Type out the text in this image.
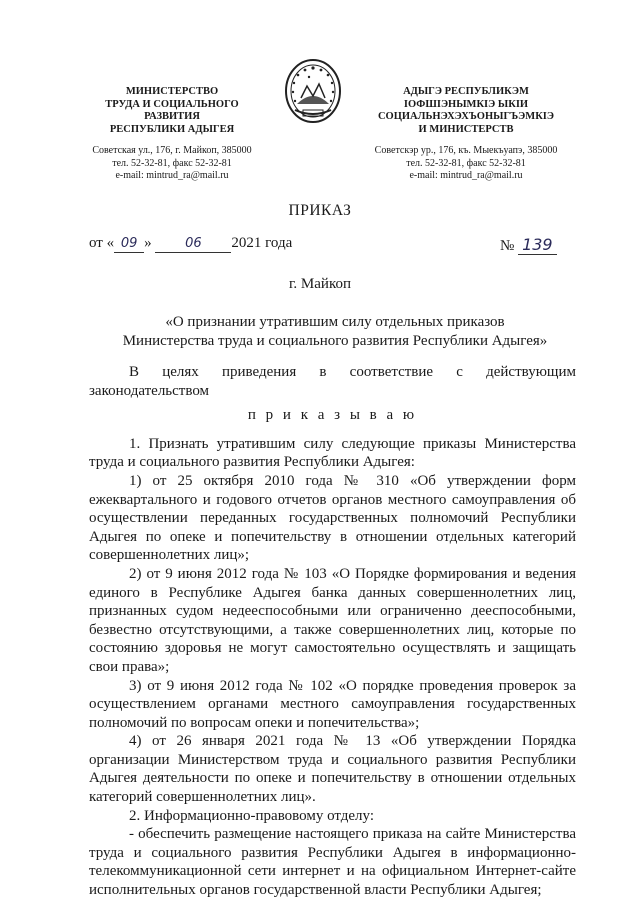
МИНИСТЕРСТВО
ТРУДА И СОЦИАЛЬНОГО
РАЗВИТИЯ
РЕСПУБЛИКИ АДЫГЕЯ
Советская ул., 176, г. Майкоп, 385000
тел. 52-32-81, факс 52-32-81
e-mail: mintrud_ra@mail.ru
АДЫГЭ РЕСПУБЛИКЭМ
IОФШIЭНЫМКIЭ ЫКIИ
СОЦИАЛЬНЭХЭХЪОНЫГЪЭМКIЭ
И МИНИСТЕРСТВ
Советскэр ур., 176, къ. Мыекъуапэ, 385000
тел. 52-32-81, факс 52-32-81
e-mail: mintrud_ra@mail.ru
ПРИКАЗ
от « 09 »	06 2021 года	№ 139
г. Майкоп
«О признании утратившим силу отдельных приказов
Министерства труда и социального развития Республики Адыгея»

В целях приведения в соответствие с действующим законодательством

п р и к а з ы в а ю

1. Признать утратившим силу следующие приказы Министерства труда и социального развития Республики Адыгея:

1) от 25 октября 2010 года № 310 «Об утверждении форм ежеквартального и годового отчетов органов местного самоуправления об осуществлении переданных государственных полномочий Республики Адыгея по опеке и попечительству в отношении отдельных категорий совершеннолетних лиц»;

2) от 9 июня 2012 года № 103 «О Порядке формирования и ведения единого в Республике Адыгея банка данных совершеннолетних лиц, признанных судом недееспособными или ограниченно дееспособными, безвестно отсутствующими, а также совершеннолетних лиц, которые по состоянию здоровья не могут самостоятельно осуществлять и защищать свои права»;

3) от 9 июня 2012 года № 102 «О порядке проведения проверок за осуществлением органами местного самоуправления государственных полномочий по вопросам опеки и попечительства»;

4) от 26 января 2021 года № 13 «Об утверждении Порядка организации Министерством труда и социального развития Республики Адыгея деятельности по опеке и попечительству в отношении отдельных категорий совершеннолетних лиц».

2. Информационно-правовому отделу:

- обеспечить размещение настоящего приказа на сайте Министерства труда и социального развития Республики Адыгея в информационно-телекоммуникационной сети интернет и на официальном Интернет-сайте исполнительных органов государственной власти Республики Адыгея;
